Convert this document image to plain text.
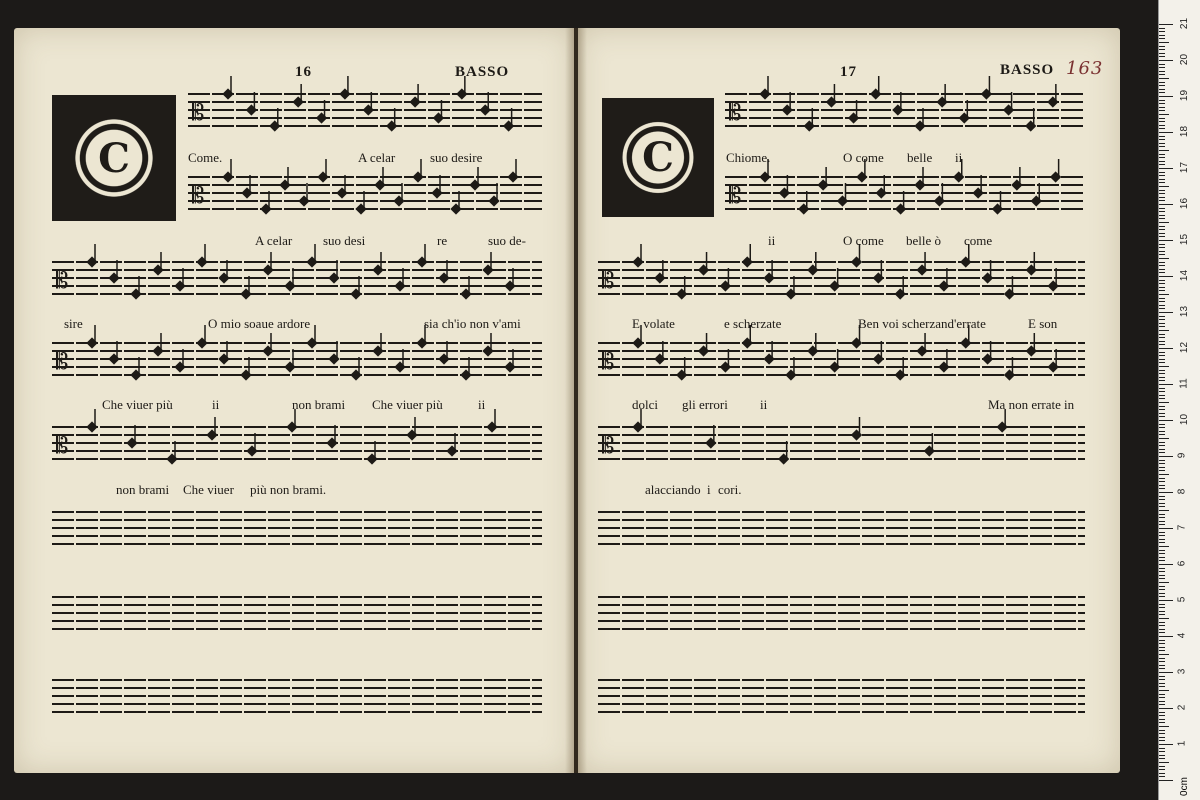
16	BASSO	17	BASSO 163
C	C
𝄡
𝄡
𝄡
𝄡
𝄡
𝄡
𝄡
𝄡
𝄡
𝄡
Come.	A celar	suo desire
A celar suo desi	re	suo de-
sire	O mio soaue ardore	sia ch'io non v'ami
Che viuer più	ii	non brami Che viuer più	ii
non brami Che viuer più non brami.
Chiome.	O come belle ii
ii	O come belle ò come
E volate	e scherzate	Ben voi scherzand'errate	E son
dolci gli errori ii	Ma non errate in
alacciando i cori.
0cm
1
2
3
4
5
6
7
8
9
10
11
12
13
14
15
16
17
18
19
20
21
